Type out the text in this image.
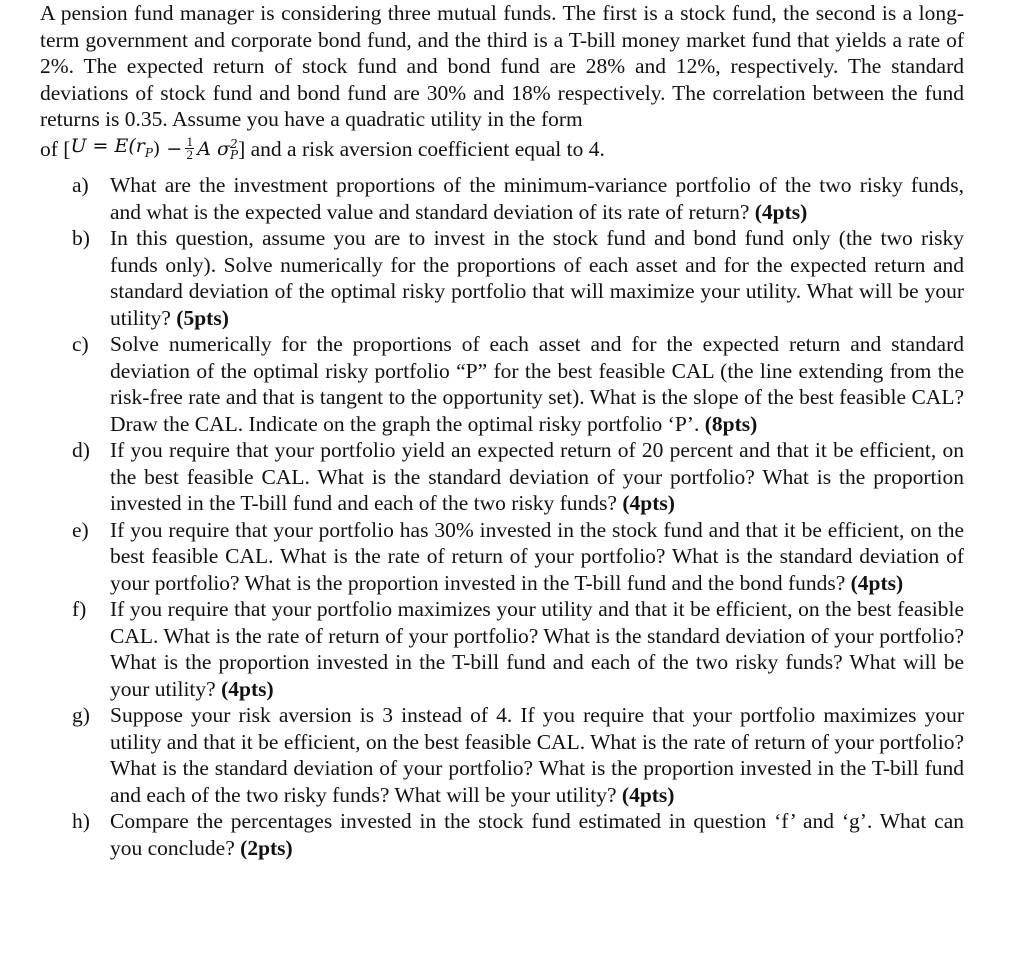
A pension fund manager is considering three mutual funds. The first is a stock fund, the second is a long-term government and corporate bond fund, and the third is a T-bill money market fund that yields a rate of 2%. The expected return of stock fund and bond fund are 28% and 12%, respectively. The standard deviations of stock fund and bond fund are 30% and 18% respectively. The correlation between the fund returns is 0.35. Assume you have a quadratic utility in the form

of [ $U = E(r_P$ ) − $\frac{1}{2}$ A σ 2
P ] and a risk aversion coefficient equal to 4.
a) What are the investment proportions of the minimum-variance portfolio of the two risky funds, and what is the expected value and standard deviation of its rate of return? (4pts)
b) In this question, assume you are to invest in the stock fund and bond fund only (the two risky funds only). Solve numerically for the proportions of each asset and for the expected return and standard deviation of the optimal risky portfolio that will maximize your utility. What will be your utility? (5pts)
c) Solve numerically for the proportions of each asset and for the expected return and standard deviation of the optimal risky portfolio “P” for the best feasible CAL (the line extending from the risk-free rate and that is tangent to the opportunity set). What is the slope of the best feasible CAL? Draw the CAL. Indicate on the graph the optimal risky portfolio ‘P’. (8pts)
d) If you require that your portfolio yield an expected return of 20 percent and that it be efficient, on the best feasible CAL. What is the standard deviation of your portfolio? What is the proportion invested in the T-bill fund and each of the two risky funds? (4pts)
e) If you require that your portfolio has 30% invested in the stock fund and that it be efficient, on the best feasible CAL. What is the rate of return of your portfolio? What is the standard deviation of your portfolio? What is the proportion invested in the T-bill fund and the bond funds? (4pts)
f)	If you require that your portfolio maximizes your utility and that it be efficient, on the best feasible CAL. What is the rate of return of your portfolio? What is the standard deviation of your portfolio? What is the proportion invested in the T-bill fund and each of the two risky funds? What will be your utility? (4pts)
g) Suppose your risk aversion is 3 instead of 4. If you require that your portfolio maximizes your utility and that it be efficient, on the best feasible CAL. What is the rate of return of your portfolio? What is the standard deviation of your portfolio? What is the proportion invested in the T-bill fund and each of the two risky funds? What will be your utility? (4pts)
h) Compare the percentages invested in the stock fund estimated in question ‘f’ and ‘g’. What can you conclude? (2pts)
